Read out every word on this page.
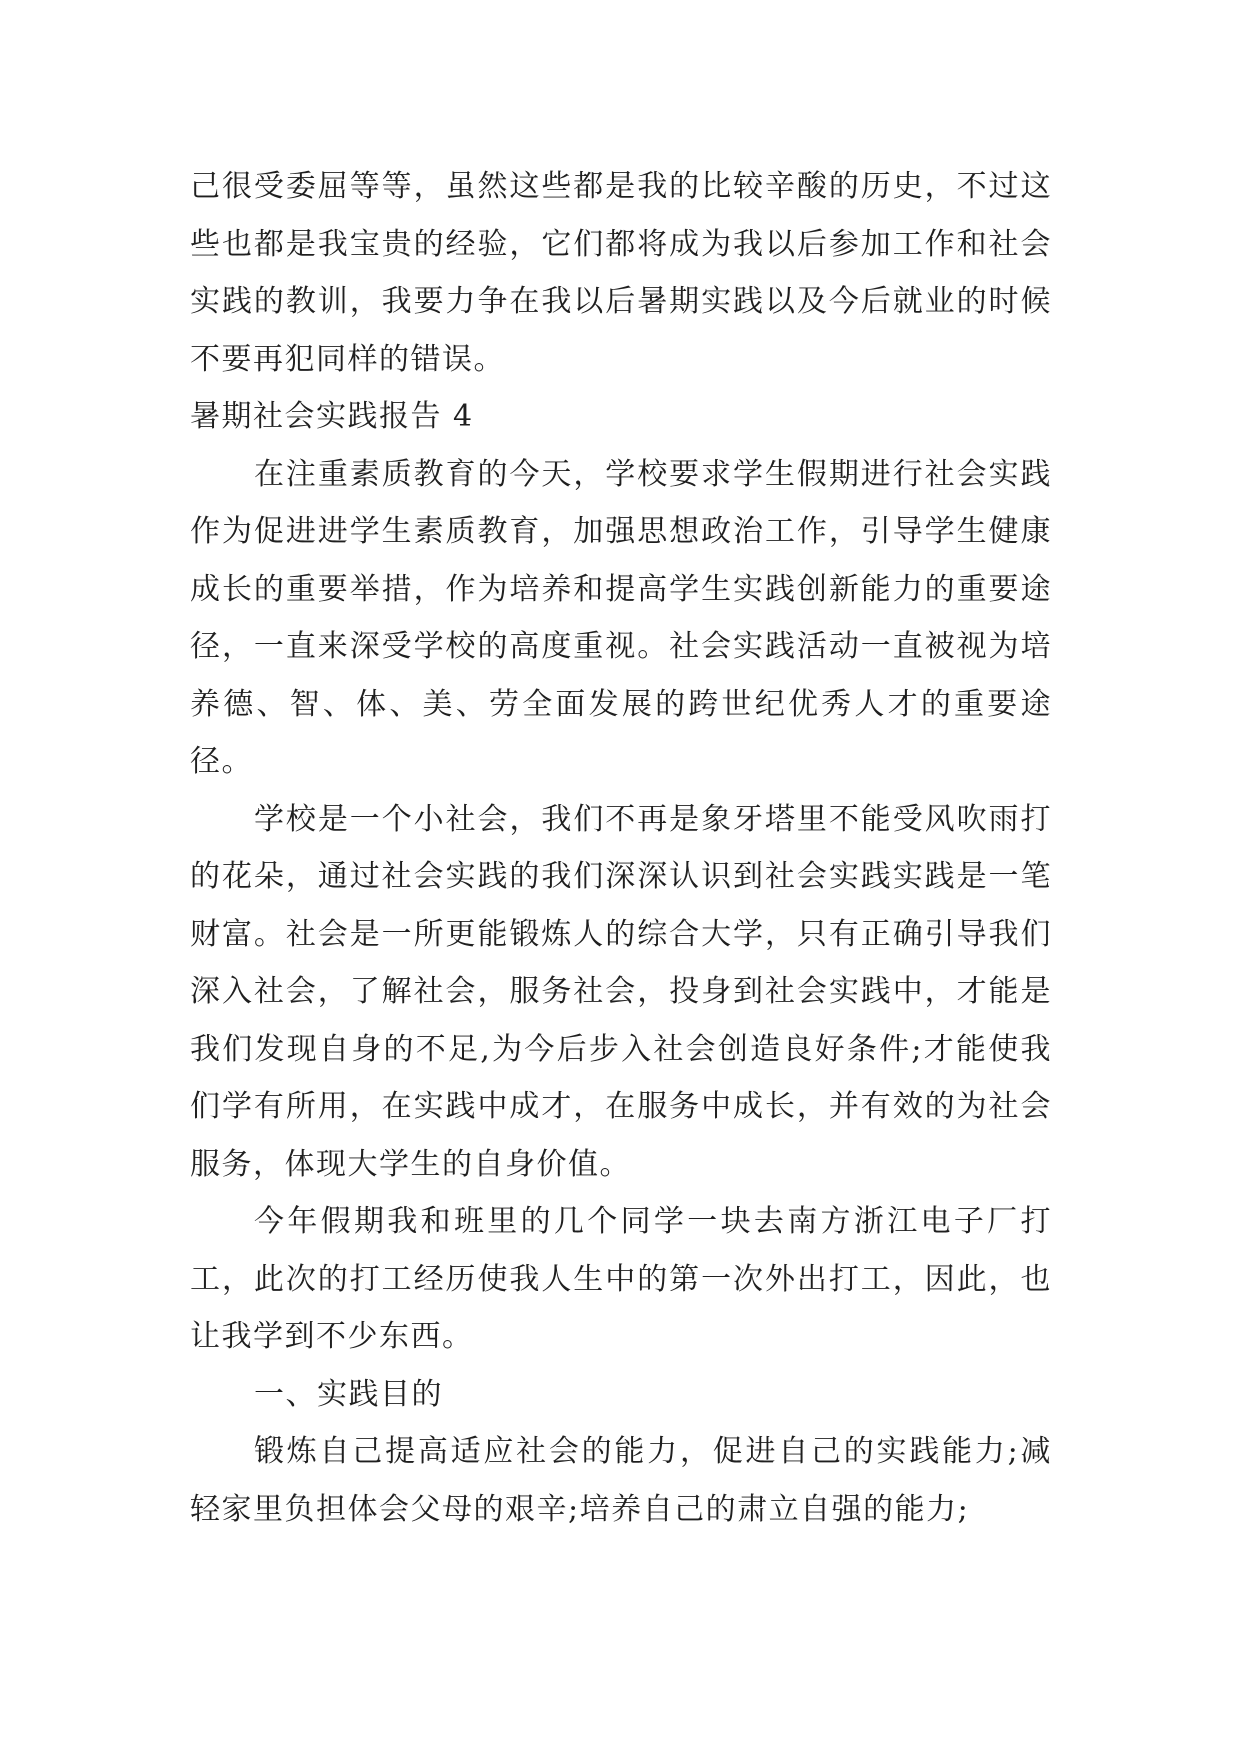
己很受委屈等等，虽然这些都是我的比较辛酸的历史，不过这些也都是我宝贵的经验，它们都将成为我以后参加工作和社会实践的教训，我要力争在我以后暑期实践以及今后就业的时候不要再犯同样的错误。

暑期社会实践报告 4

在注重素质教育的今天，学校要求学生假期进行社会实践作为促进进学生素质教育，加强思想政治工作，引导学生健康成长的重要举措，作为培养和提高学生实践创新能力的重要途径，一直来深受学校的高度重视。社会实践活动一直被视为培养德、智、体、美、劳全面发展的跨世纪优秀人才的重要途径。

学校是一个小社会，我们不再是象牙塔里不能受风吹雨打的花朵，通过社会实践的我们深深认识到社会实践实践是一笔财富。社会是一所更能锻炼人的综合大学，只有正确引导我们深入社会，了解社会，服务社会，投身到社会实践中，才能是我们发现自身的不足,为今后步入社会创造良好条件;才能使我们学有所用，在实践中成才，在服务中成长，并有效的为社会服务，体现大学生的自身价值。

今年假期我和班里的几个同学一块去南方浙江电子厂打工，此次的打工经历使我人生中的第一次外出打工，因此，也让我学到不少东西。

一、实践目的

锻炼自己提高适应社会的能力，促进自己的实践能力;减轻家里负担体会父母的艰辛;培养自己的肃立自强的能力;
